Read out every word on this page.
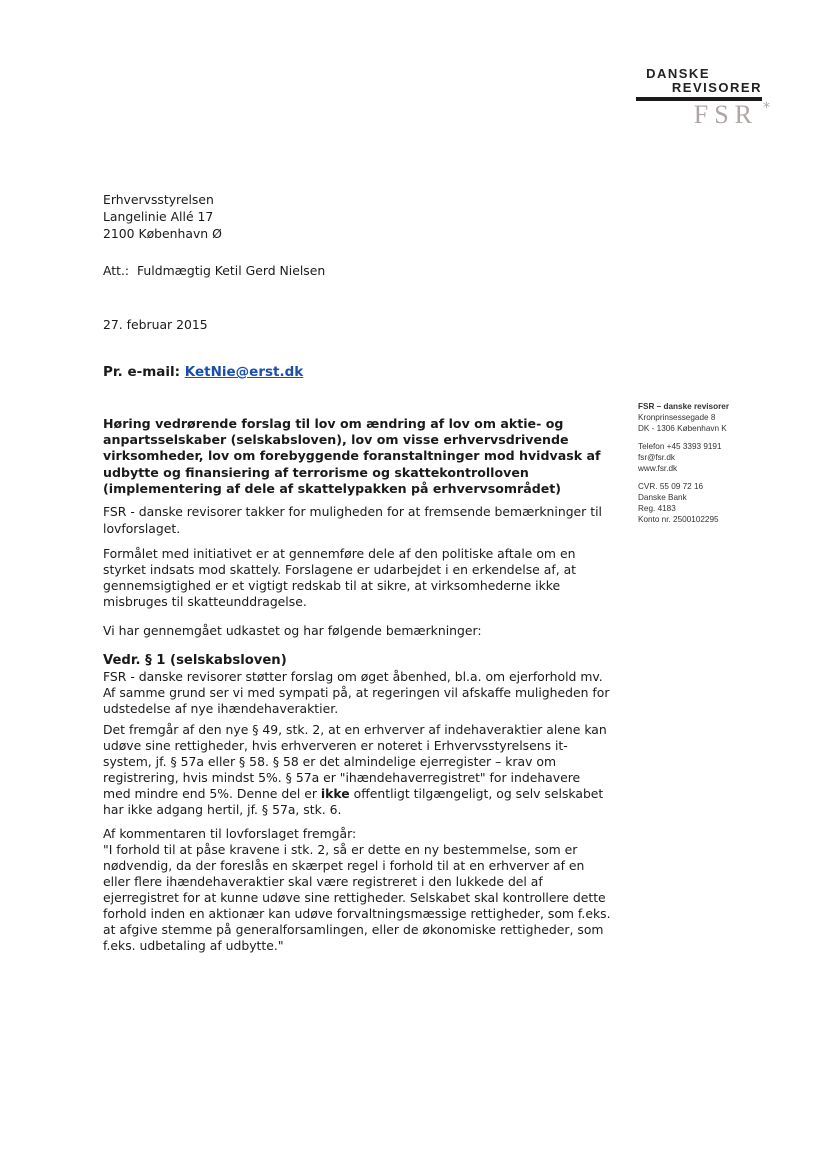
DANSKE
REVISORER
FSR *
Erhvervsstyrelsen
Langelinie Allé 17
2100 København Ø
Att.: Fuldmægtig Ketil Gerd Nielsen
27. februar 2015
Pr. e-mail: KetNie@erst.dk
FSR – danske revisorer
Kronprinsessegade 8
DK - 1306 København K
Telefon +45 3393 9191
fsr@fsr.dk
www.fsr.dk
CVR. 55 09 72 16
Danske Bank
Reg. 4183
Konto nr. 2500102295
Høring vedrørende forslag til lov om ændring af lov om aktie- og
anpartsselskaber (selskabsloven), lov om visse erhvervsdrivende
virksomheder, lov om forebyggende foranstaltninger mod hvidvask af
udbytte og finansiering af terrorisme og skattekontrolloven
(implementering af dele af skattelypakken på erhvervsområdet)
FSR - danske revisorer takker for muligheden for at fremsende bemærkninger til
lovforslaget.
Formålet med initiativet er at gennemføre dele af den politiske aftale om en
styrket indsats mod skattely. Forslagene er udarbejdet i en erkendelse af, at
gennemsigtighed er et vigtigt redskab til at sikre, at virksomhederne ikke
misbruges til skatteunddragelse.
Vi har gennemgået udkastet og har følgende bemærkninger:
Vedr. § 1 (selskabsloven)
FSR - danske revisorer støtter forslag om øget åbenhed, bl.a. om ejerforhold mv.
Af samme grund ser vi med sympati på, at regeringen vil afskaffe muligheden for
udstedelse af nye ihændehaveraktier.
Det fremgår af den nye § 49, stk. 2, at en erhverver af indehaveraktier alene kan
udøve sine rettigheder, hvis erhververen er noteret i Erhvervsstyrelsens it-
system, jf. § 57a eller § 58. § 58 er det almindelige ejerregister – krav om
registrering, hvis mindst 5%. § 57a er "ihændehaverregistret" for indehavere
med mindre end 5%. Denne del er ikke offentligt tilgængeligt, og selv selskabet
har ikke adgang hertil, jf. § 57a, stk. 6.
Af kommentaren til lovforslaget fremgår:
"I forhold til at påse kravene i stk. 2, så er dette en ny bestemmelse, som er
nødvendig, da der foreslås en skærpet regel i forhold til at en erhverver af en
eller flere ihændehaveraktier skal være registreret i den lukkede del af
ejerregistret for at kunne udøve sine rettigheder. Selskabet skal kontrollere dette
forhold inden en aktionær kan udøve forvaltningsmæssige rettigheder, som f.eks.
at afgive stemme på generalforsamlingen, eller de økonomiske rettigheder, som
f.eks. udbetaling af udbytte."
